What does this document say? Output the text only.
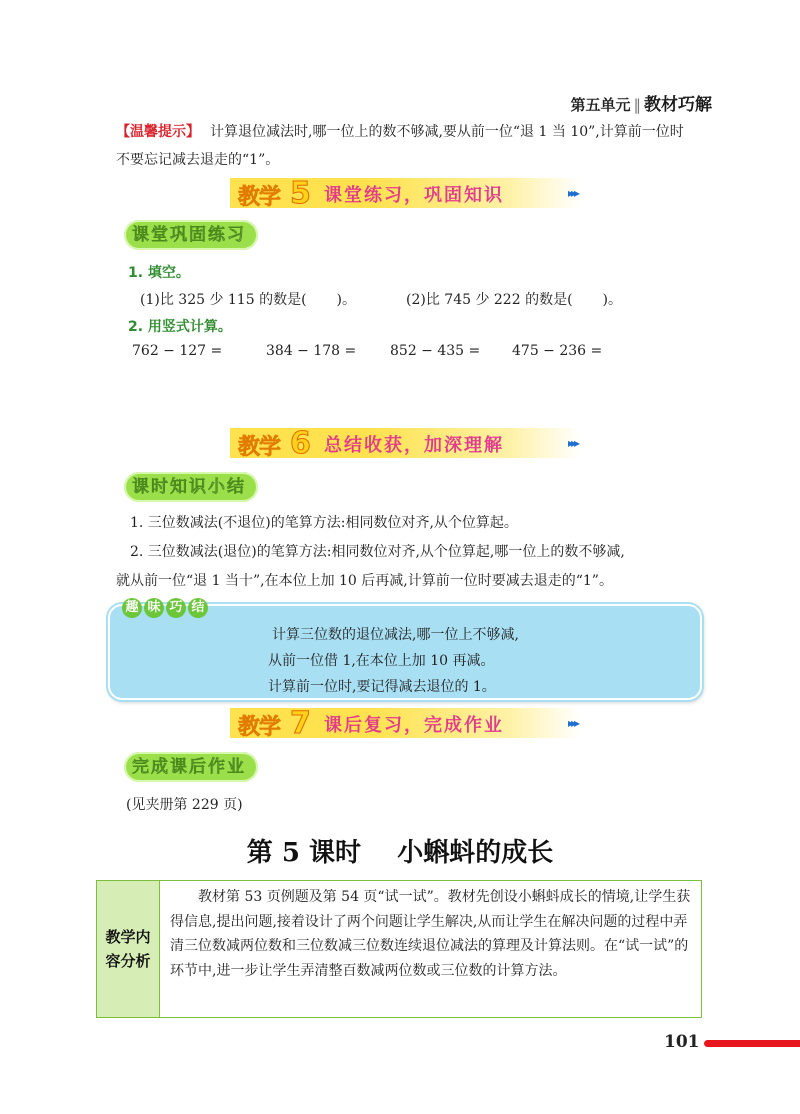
第五单元 ‖ 教材巧解
【温馨提示】 计算退位减法时,哪一位上的数不够减,要从前一位“退 1 当 10”,计算前一位时不要忘记减去退走的“1”。
教学 5 课堂练习，巩固知识	▸▸▸
课堂巩固练习
1. 填空。
(1)比 325 少 115 的数是( )。	(2)比 745 少 222 的数是( )。
2. 用竖式计算。
762 − 127 =	384 − 178 = 852 − 435 = 475 − 236 =
教学 6 总结收获，加深理解	▸▸▸
课时知识小结
1. 三位数减法(不退位)的笔算方法:相同数位对齐,从个位算起。
2. 三位数减法(退位)的笔算方法:相同数位对齐,从个位算起,哪一位上的数不够减,
就从前一位“退 1 当十”,在本位上加 10 后再减,计算前一位时要减去退走的“1”。
趣 味 巧 结
计算三位数的退位减法,哪一位上不够减,
从前一位借 1,在本位上加 10 再减。
计算前一位时,要记得减去退位的 1。
教学 7 课后复习，完成作业	▸▸▸
完成课后作业
(见夹册第 229 页)
第 5 课时    小蝌蚪的成长
教学内
容分析
教材第 53 页例题及第 54 页“试一试”。教材先创设小蝌蚪成长的情境,让学生获得信息,提出问题,接着设计了两个问题让学生解决,从而让学生在解决问题的过程中弄清三位数减两位数和三位数减三位数连续退位减法的算理及计算法则。在“试一试”的环节中,进一步让学生弄清整百数减两位数或三位数的计算方法。
101
